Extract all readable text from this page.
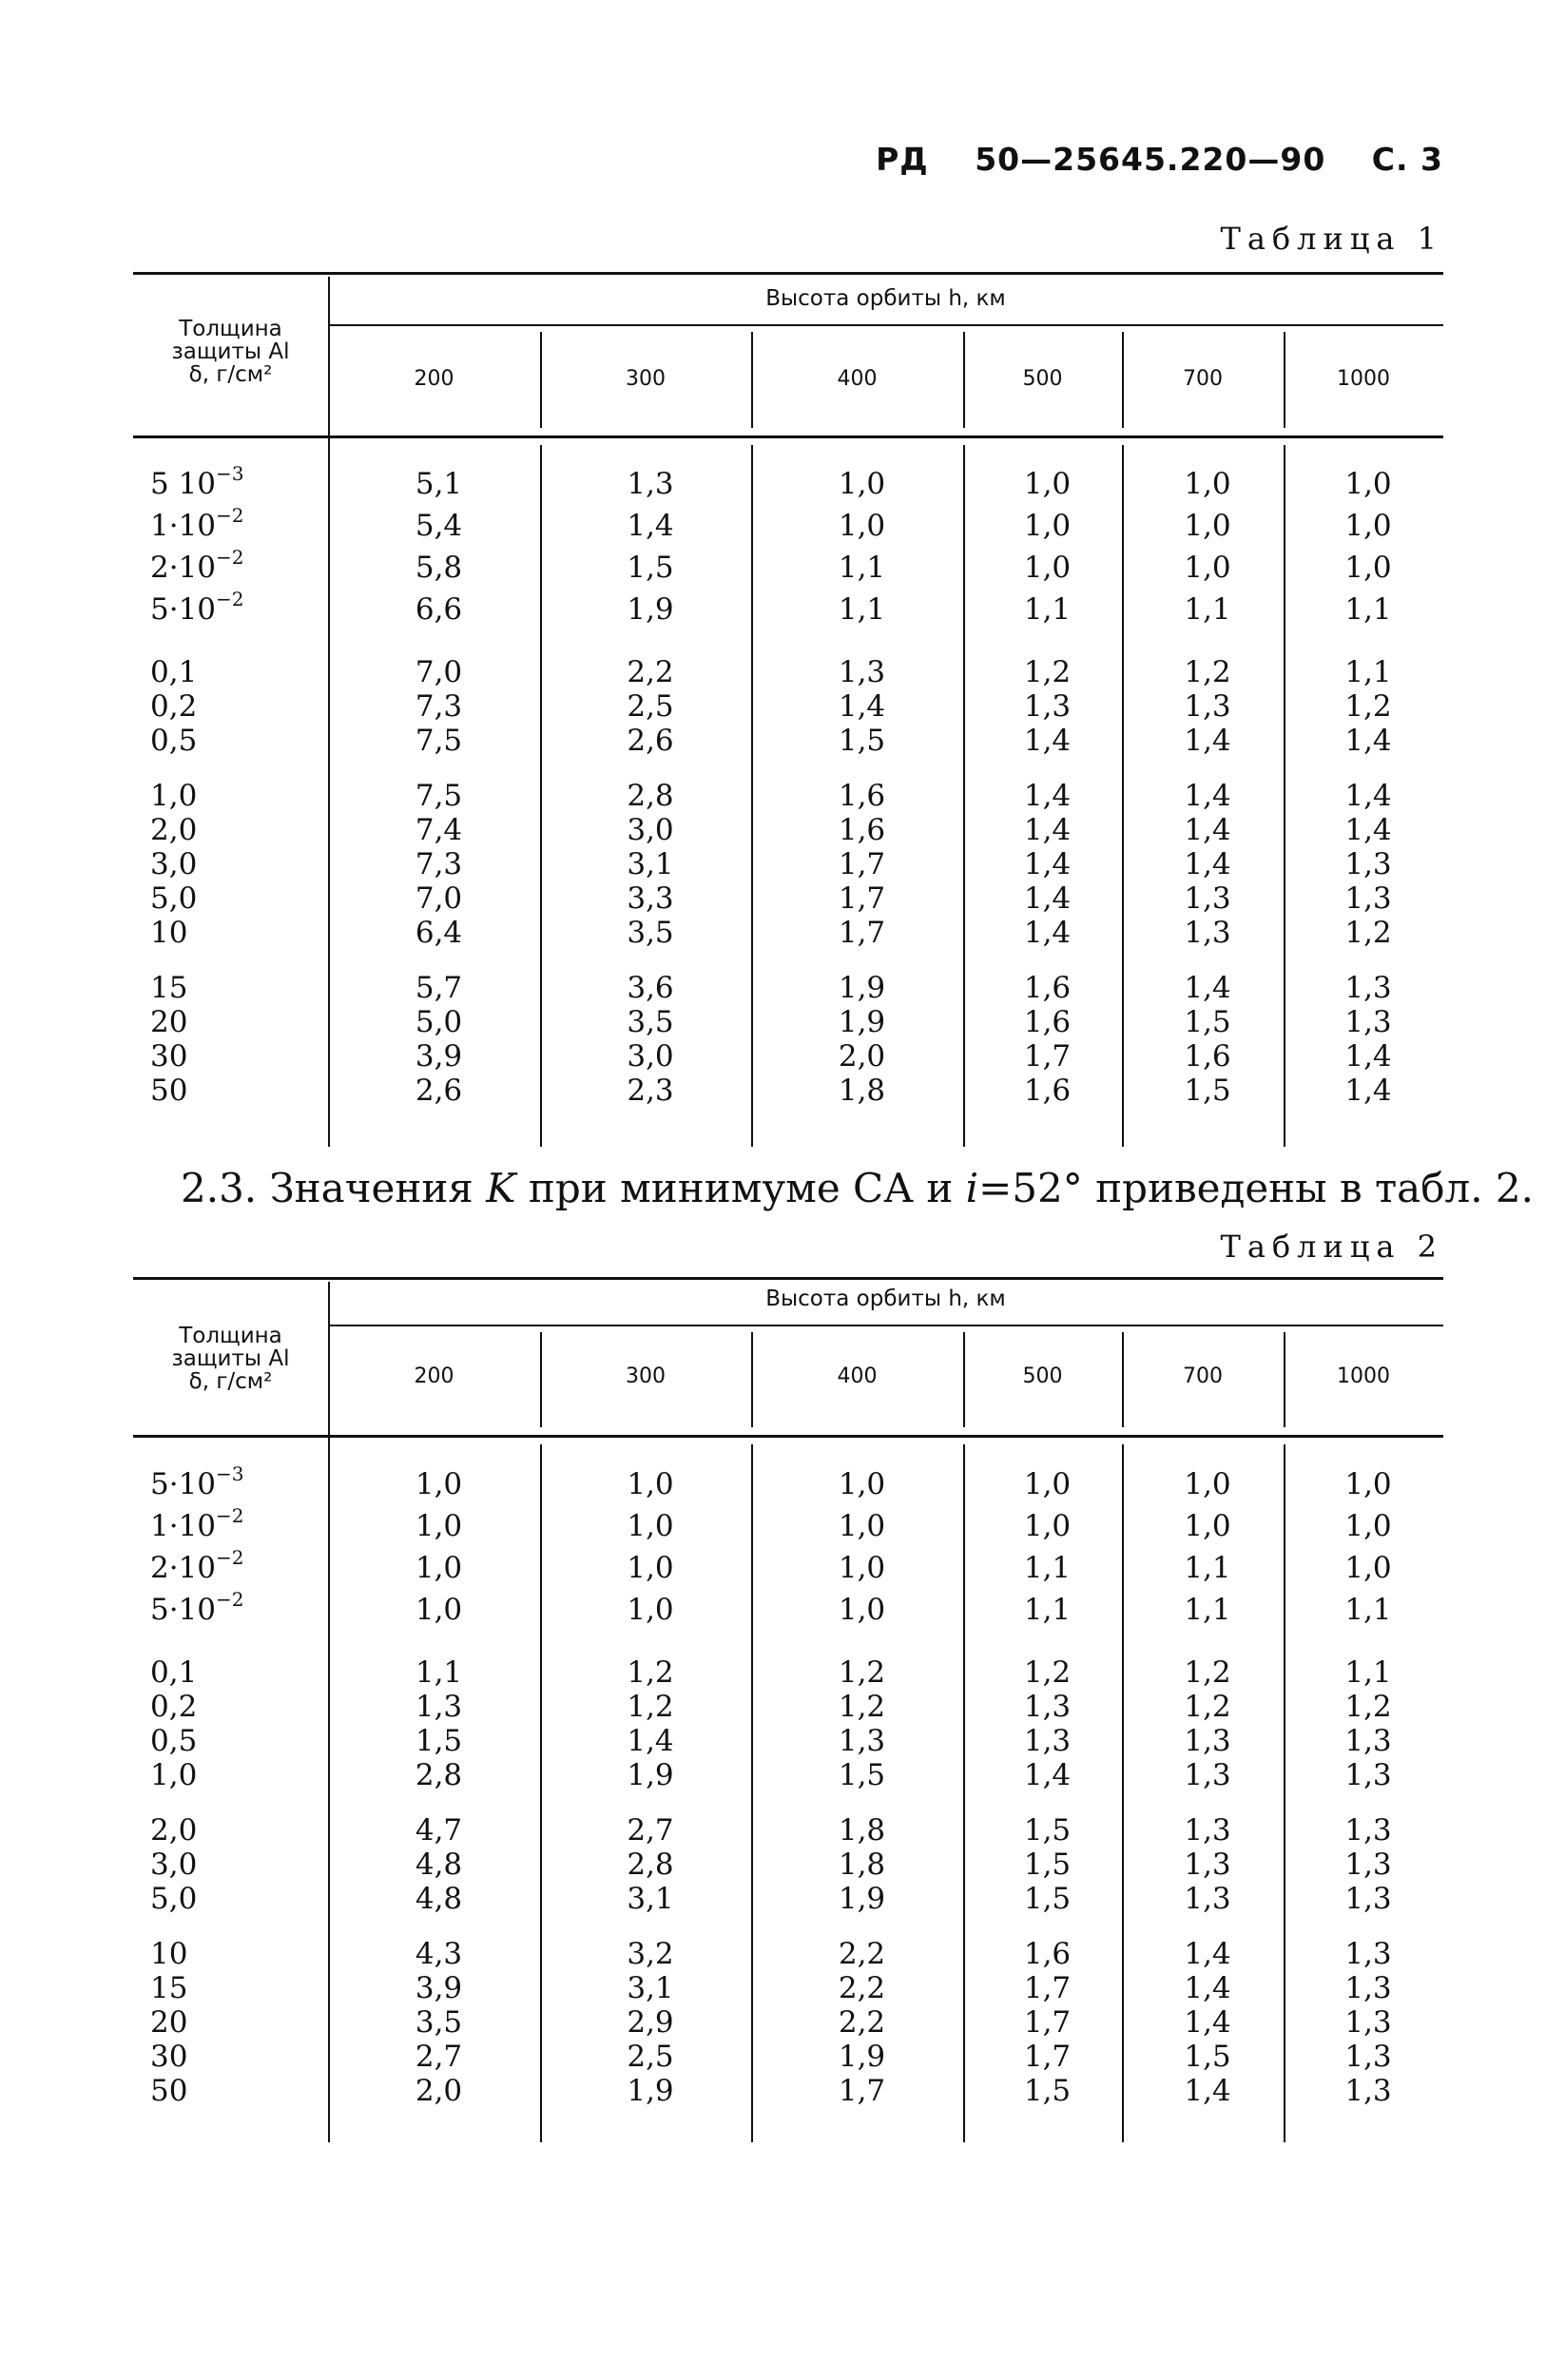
РД 50—25645.220—90 С. 3
Таблица 1
Толщина
защиты Al
δ, г/см²
Высота орбиты h, км
200	300	400	500	700	1000
5 $10^{-3}$	5,1	1,3	1,0	1,0	1,0	1,0
$1\cdot 10^{-2}$	5,4	1,4	1,0	1,0	1,0	1,0
$2\cdot 10^{-2}$	5,8	1,5	1,1	1,0	1,0	1,0
$5\cdot 10^{-2}$	6,6	1,9	1,1	1,1	1,1	1,1
0,1	7,0	2,2	1,3	1,2	1,2	1,1
0,2	7,3	2,5	1,4	1,3	1,3	1,2
0,5	7,5	2,6	1,5	1,4	1,4	1,4
1,0	7,5	2,8	1,6	1,4	1,4	1,4
2,0	7,4	3,0	1,6	1,4	1,4	1,4
3,0	7,3	3,1	1,7	1,4	1,4	1,3
5,0	7,0	3,3	1,7	1,4	1,3	1,3
10	6,4	3,5	1,7	1,4	1,3	1,2
15	5,7	3,6	1,9	1,6	1,4	1,3
20	5,0	3,5	1,9	1,6	1,5	1,3
30	3,9	3,0	2,0	1,7	1,6	1,4
50	2,6	2,3	1,8	1,6	1,5	1,4
2.3. Значения K при минимуме СА и i=52° приведены в табл. 2.
Таблица 2
Толщина
защиты Al
δ, г/см²
Высота орбиты h, км
200	300	400	500	700	1000
$5\cdot 10^{-3}$	1,0	1,0	1,0	1,0	1,0	1,0
$1\cdot 10^{-2}$	1,0	1,0	1,0	1,0	1,0	1,0
$2\cdot 10^{-2}$	1,0	1,0	1,0	1,1	1,1	1,0
$5\cdot 10^{-2}$	1,0	1,0	1,0	1,1	1,1	1,1
0,1	1,1	1,2	1,2	1,2	1,2	1,1
0,2	1,3	1,2	1,2	1,3	1,2	1,2
0,5	1,5	1,4	1,3	1,3	1,3	1,3
1,0	2,8	1,9	1,5	1,4	1,3	1,3
2,0	4,7	2,7	1,8	1,5	1,3	1,3
3,0	4,8	2,8	1,8	1,5	1,3	1,3
5,0	4,8	3,1	1,9	1,5	1,3	1,3
10	4,3	3,2	2,2	1,6	1,4	1,3
15	3,9	3,1	2,2	1,7	1,4	1,3
20	3,5	2,9	2,2	1,7	1,4	1,3
30	2,7	2,5	1,9	1,7	1,5	1,3
50	2,0	1,9	1,7	1,5	1,4	1,3
